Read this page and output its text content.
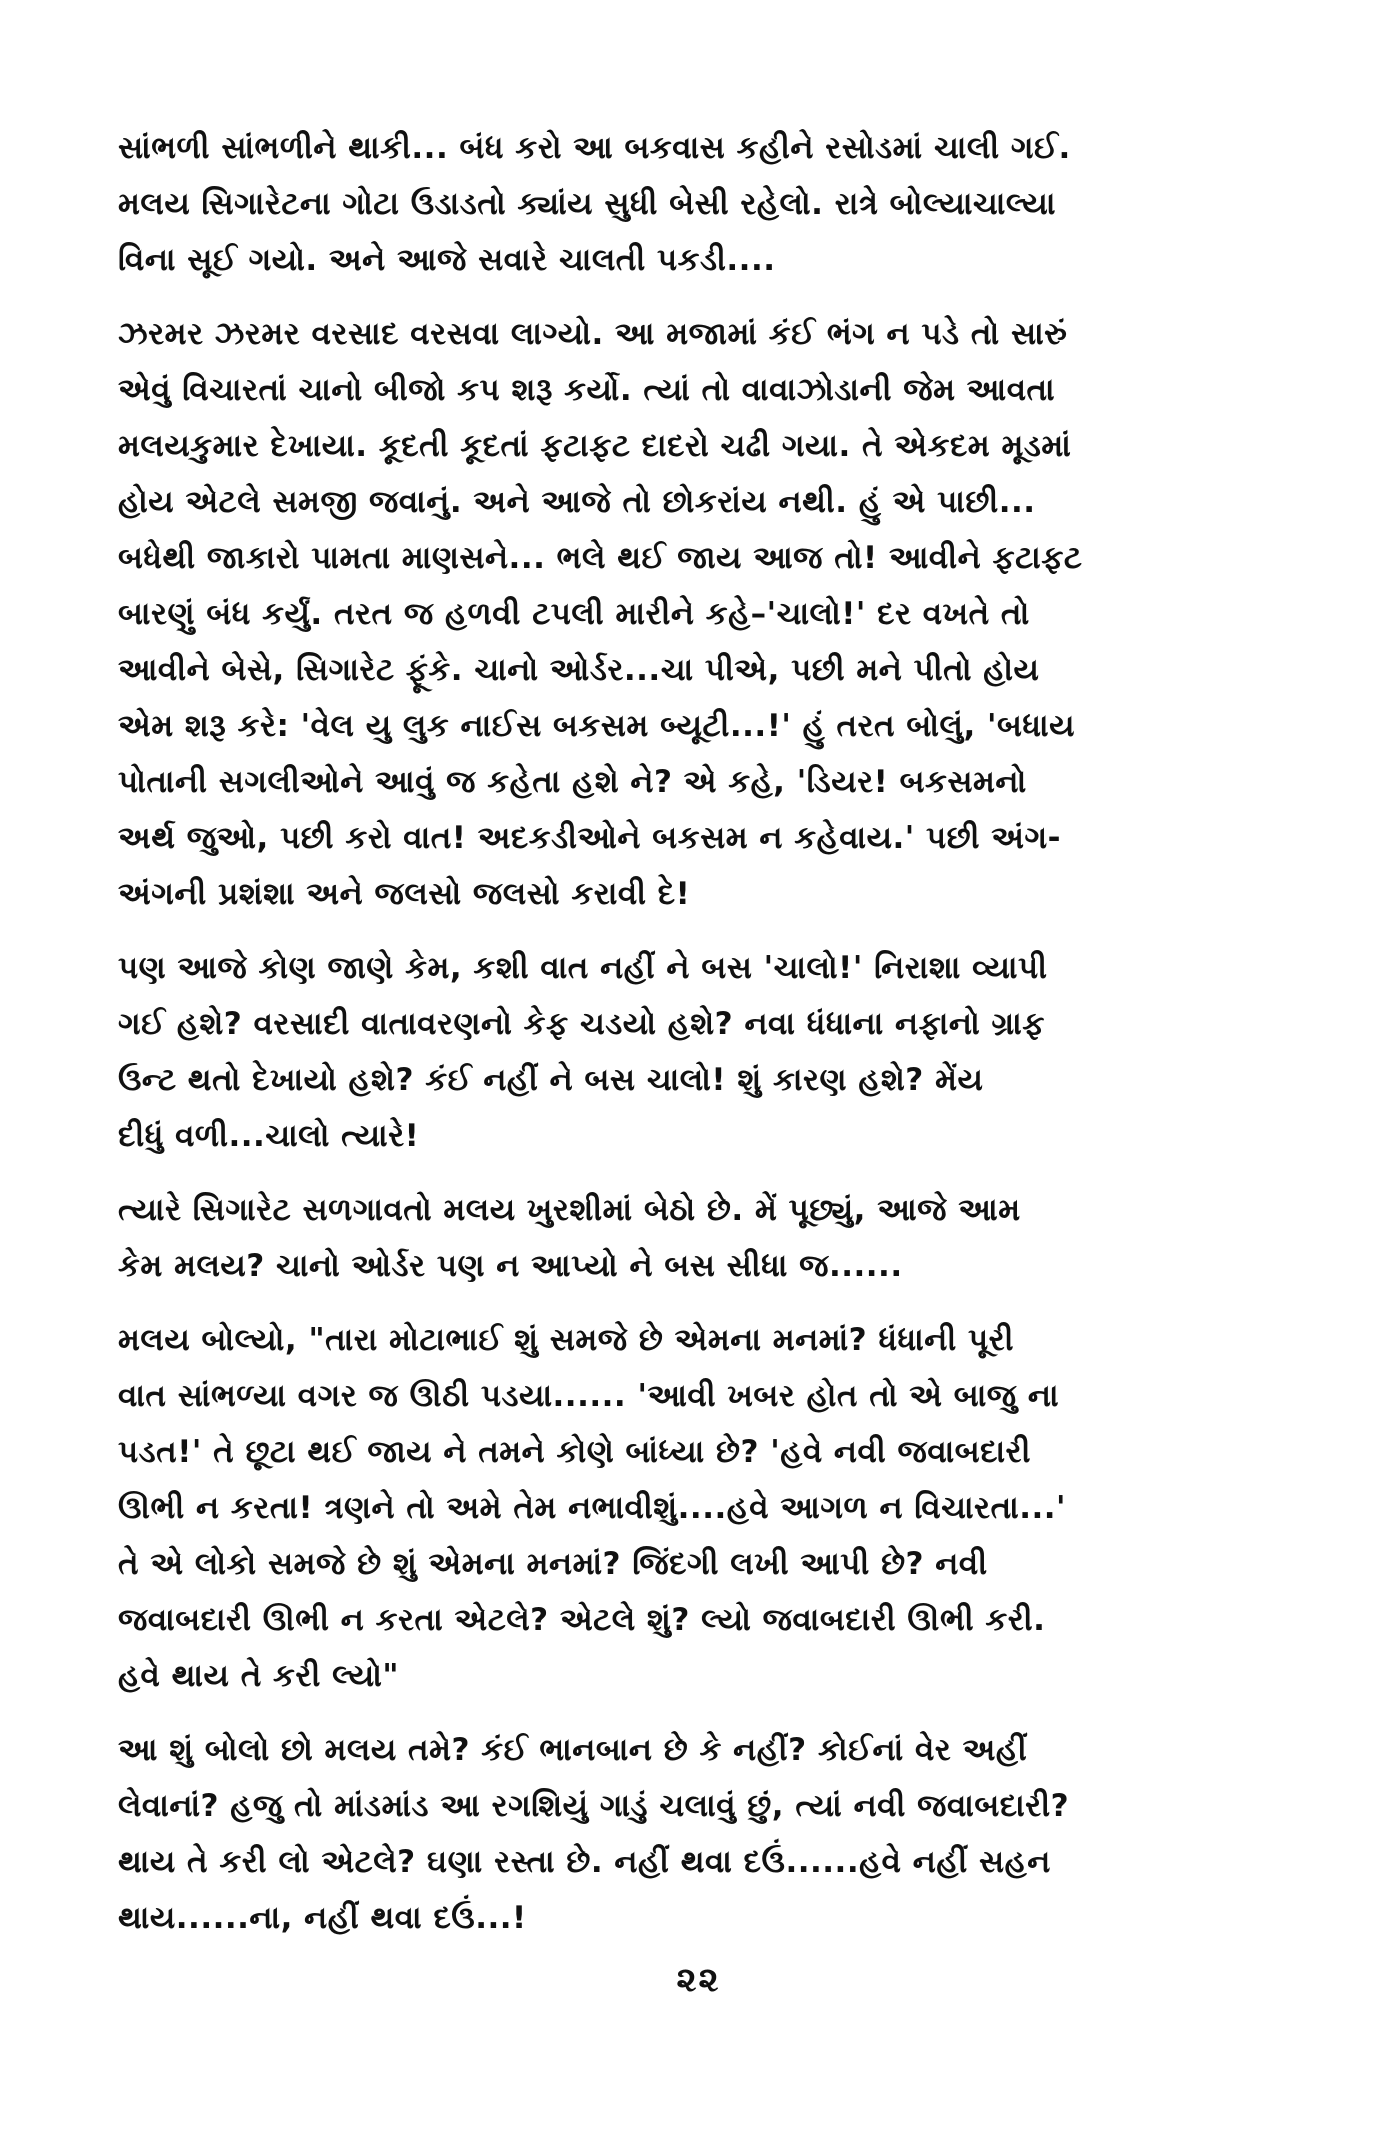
સાંભળી સાંભળીને થાકી... બંધ કરો આ બકવાસ કહીને રસોડમાં ચાલી ગઈ.
મલય સિગારેટના ગોટા ઉડાડતો ક્યાંય સુધી બેસી રહેલો. રાત્રે બોલ્યાચાલ્યા
વિના સૂઈ ગયો. અને આજે સવારે ચાલતી પકડી....

ઝરમર ઝરમર વરસાદ વરસવા લાગ્યો. આ મજામાં કંઈ ભંગ ન પડે તો સારું
એવું વિચારતાં ચાનો બીજો કપ શરૂ કર્યો. ત્યાં તો વાવાઝોડાની જેમ આવતા
મલયકુમાર દેખાયા. કૂદતી કૂદતાં ફટાફટ દાદરો ચઢી ગયા. તે એકદમ મૂડમાં
હોય એટલે સમજી જવાનું. અને આજે તો છોકરાંય નથી. હું એ પાછી...
બધેથી જાકારો પામતા માણસને... ભલે થઈ જાય આજ તો! આવીને ફટાફટ
બારણું બંધ કર્યું. તરત જ હળવી ટપલી મારીને કહે–'ચાલો!' દર વખતે તો
આવીને બેસે, સિગારેટ ફૂંકે. ચાનો ઓર્ડર...ચા પીએ, પછી મને પીતો હોય
એમ શરૂ કરે: 'વેલ યુ લુક નાઈસ બકસમ બ્યૂટી...!' હું તરત બોલું, 'બધાય
પોતાની સગલીઓને આવું જ કહેતા હશે ને? એ કહે, 'ડિયર! બકસમનો
અર્થ જુઓ, પછી કરો વાત! અદકડીઓને બકસમ ન કહેવાય.' પછી અંગ-
અંગની પ્રશંશા અને જલસો જલસો કરાવી દે!

પણ આજે કોણ જાણે કેમ, કશી વાત નહીં ને બસ 'ચાલો!' નિરાશા વ્યાપી
ગઈ હશે? વરસાદી વાતાવરણનો કેફ ચડયો હશે? નવા ધંધાના નફાનો ગ્રાફ
ઉન્ટ થતો દેખાયો હશે? કંઈ નહીં ને બસ ચાલો! શું કારણ હશે? મેંય
દીધું વળી...ચાલો ત્યારે!

ત્યારે સિગારેટ સળગાવતો મલય ખુરશીમાં બેઠો છે. મેં પૂછ્યું, આજે આમ
કેમ મલય? ચાનો ઓર્ડર પણ ન આપ્યો ને બસ સીધા જ......

મલય બોલ્યો, "તારા મોટાભાઈ શું સમજે છે એમના મનમાં? ધંધાની પૂરી
વાત સાંભળ્યા વગર જ ઊઠી પડયા...... 'આવી ખબર હોત તો એ બાજુ ના
પડત!' તે છૂટા થઈ જાય ને તમને કોણે બાંધ્યા છે? 'હવે નવી જવાબદારી
ઊભી ન કરતા! ત્રણને તો અમે તેમ નભાવીશું....હવે આગળ ન વિચારતા...'
તે એ લોકો સમજે છે શું એમના મનમાં? જિંદગી લખી આપી છે? નવી
જવાબદારી ઊભી ન કરતા એટલે? એટલે શું? લ્યો જવાબદારી ઊભી કરી.
હવે થાય તે કરી લ્યો"

આ શું બોલો છો મલય તમે? કંઈ ભાનબાન છે કે નહીં? કોઈનાં વેર અહીં
લેવાનાં? હજુ તો માંડમાંડ આ રગશિયું ગાડું ચલાવું છું, ત્યાં નવી જવાબદારી?
થાય તે કરી લો એટલે? ઘણા રસ્તા છે. નહીં થવા દઉં......હવે નહીં સહન
થાય......ના, નહીં થવા દઉં...!

૨૨
